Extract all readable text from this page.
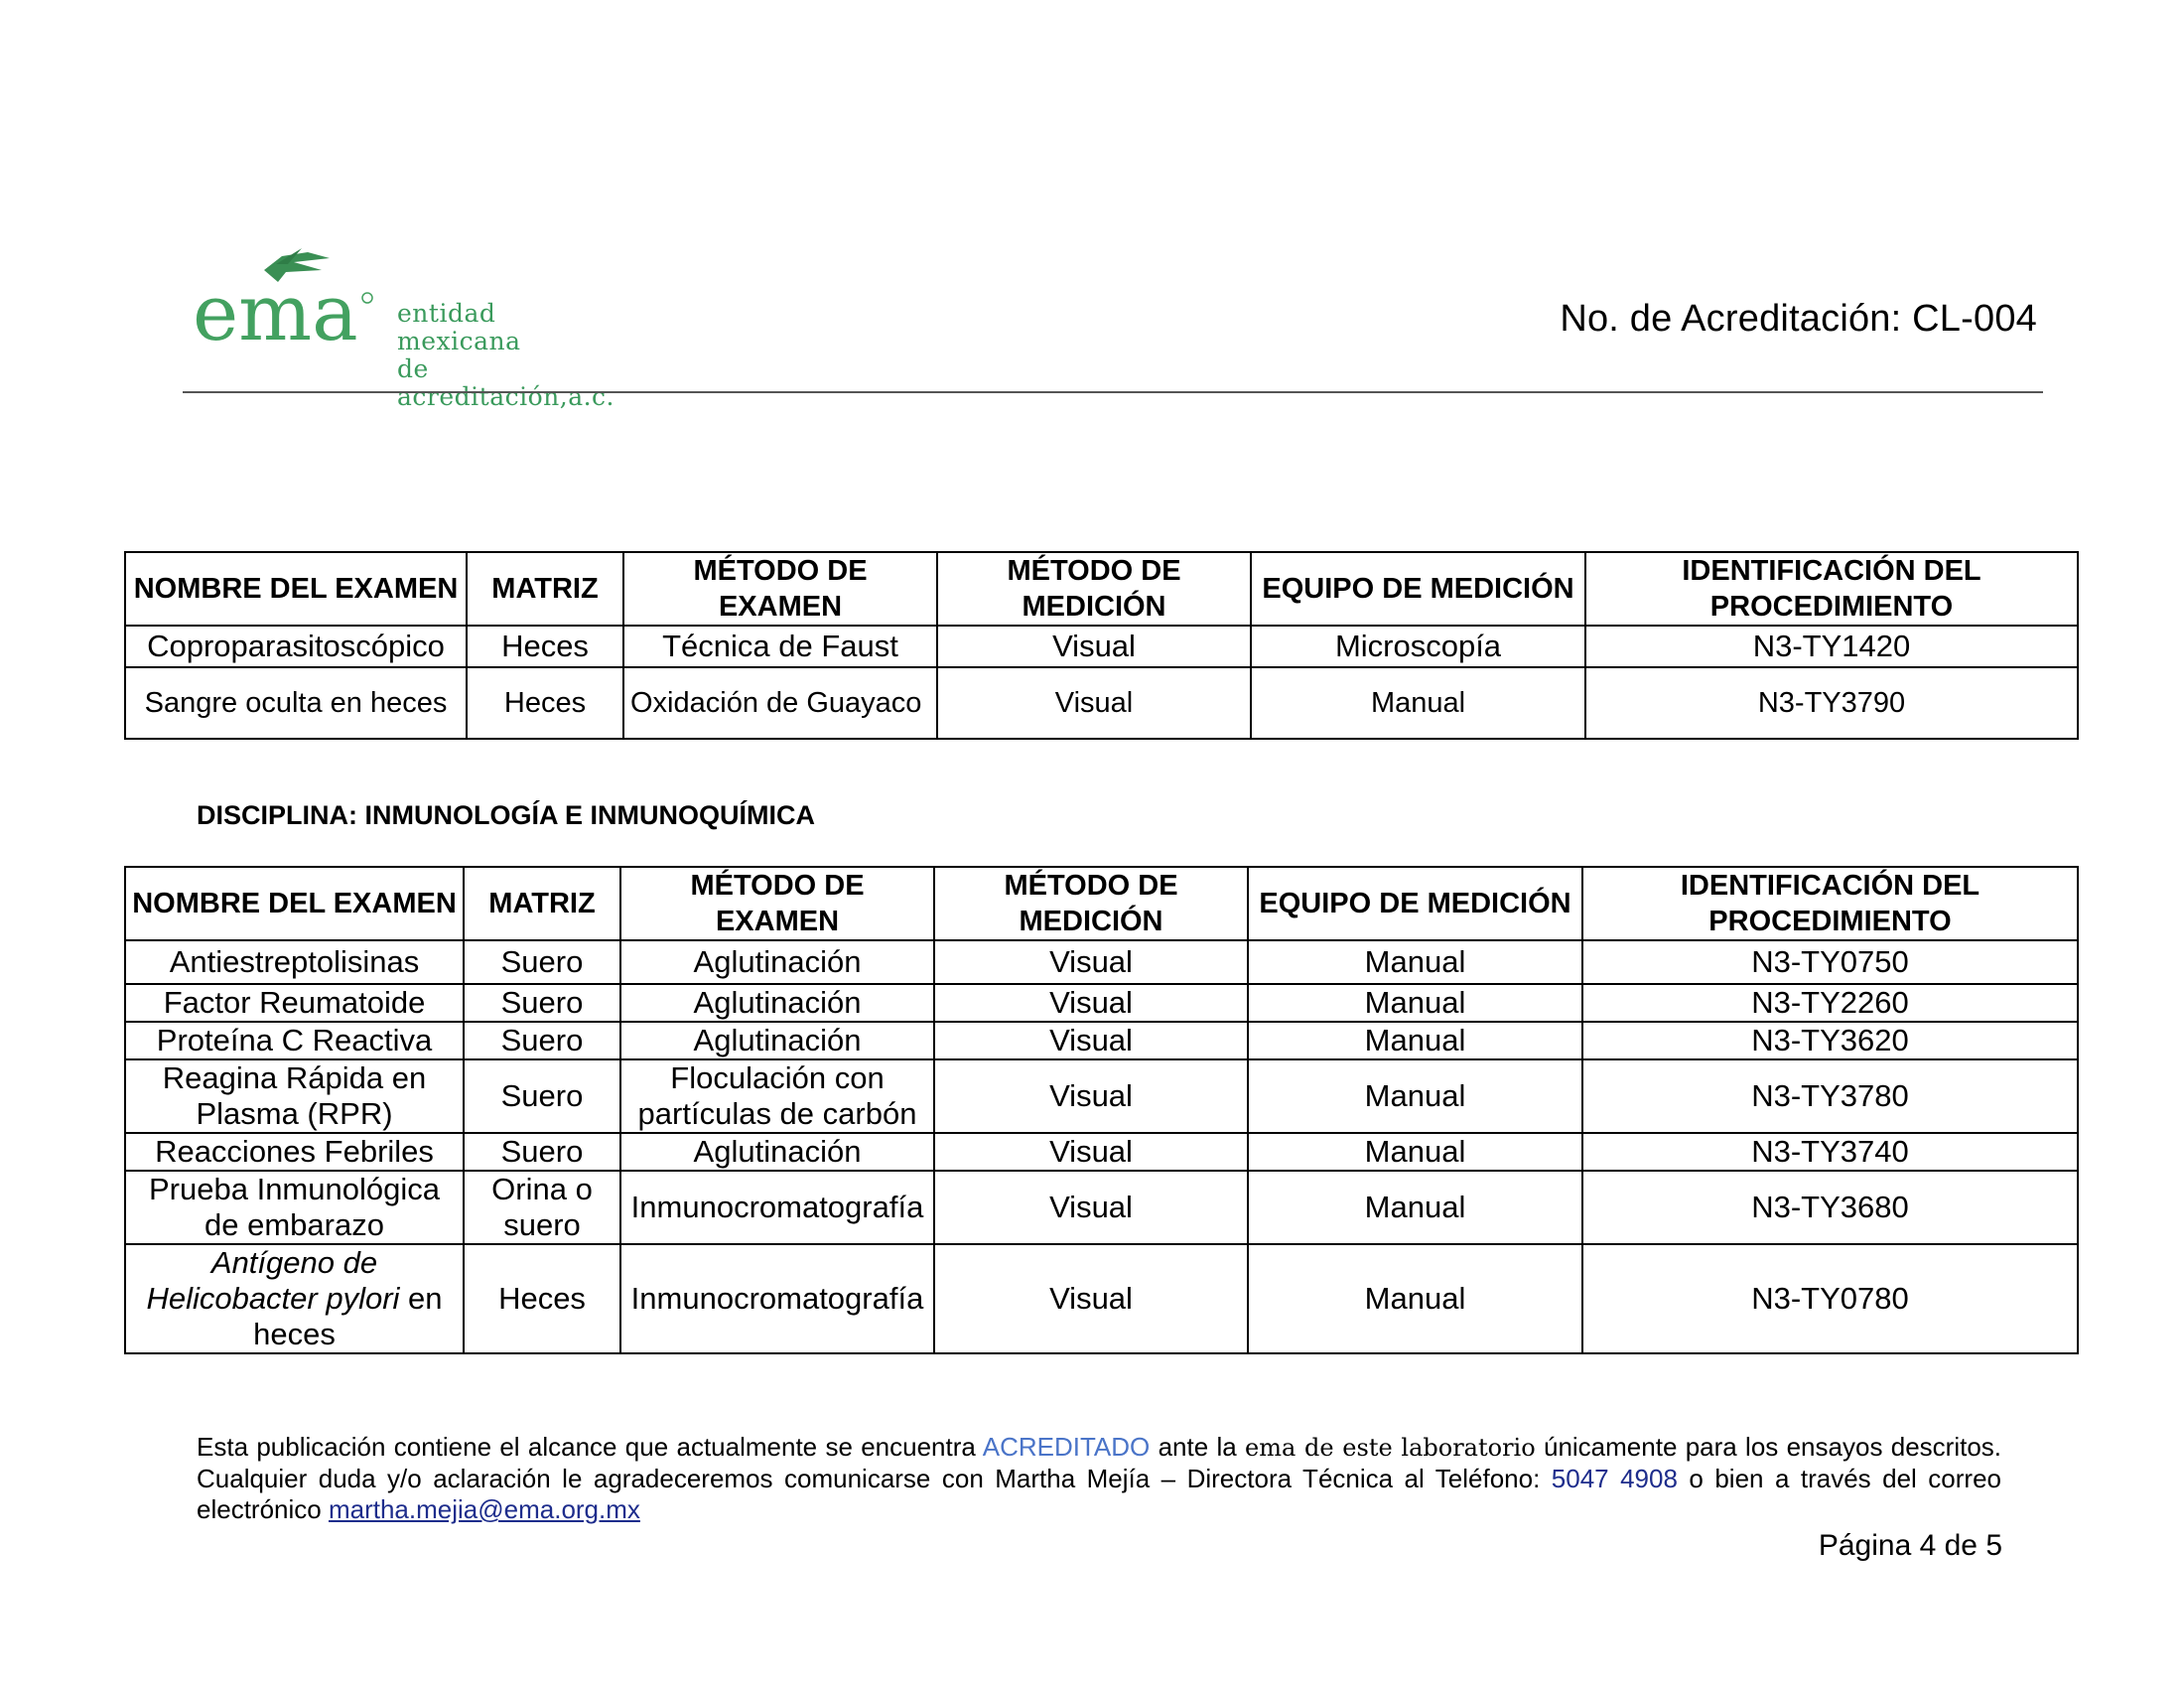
ema entidad mexicana
de acreditación,a.c.
No. de Acreditación: CL-004
NOMBRE DEL EXAMEN	MATRIZ	MÉTODO DE EXAMEN	MÉTODO DE MEDICIÓN	EQUIPO DE MEDICIÓN	IDENTIFICACIÓN DEL PROCEDIMIENTO
Coproparasitoscópico	Heces	Técnica de Faust	Visual	Microscopía	N3-TY1420
Sangre oculta en heces	Heces	Oxidación de Guayaco	Visual	Manual	N3-TY3790
DISCIPLINA: INMUNOLOGÍA E INMUNOQUÍMICA
NOMBRE DEL EXAMEN	MATRIZ	MÉTODO DE EXAMEN	MÉTODO DE MEDICIÓN	EQUIPO DE MEDICIÓN	IDENTIFICACIÓN DEL PROCEDIMIENTO
Antiestreptolisinas	Suero	Aglutinación	Visual	Manual	N3-TY0750
Factor Reumatoide	Suero	Aglutinación	Visual	Manual	N3-TY2260
Proteína C Reactiva	Suero	Aglutinación	Visual	Manual	N3-TY3620
Reagina Rápida en Plasma (RPR)	Suero	Floculación con partículas de carbón	Visual	Manual	N3-TY3780
Reacciones Febriles	Suero	Aglutinación	Visual	Manual	N3-TY3740
Prueba Inmunológica de embarazo	Orina o suero	Inmunocromatografía	Visual	Manual	N3-TY3680
Antígeno de Helicobacter pylori en heces	Heces	Inmunocromatografía	Visual	Manual	N3-TY0780
Esta publicación contiene el alcance que actualmente se encuentra ACREDITADO ante la ema de este laboratorio únicamente para los ensayos descritos. Cualquier duda y/o aclaración le agradeceremos comunicarse con Martha Mejía – Directora Técnica al Teléfono: 5047 4908 o bien a través del correo electrónico martha.mejia@ema.org.mx
Página 4 de 5
